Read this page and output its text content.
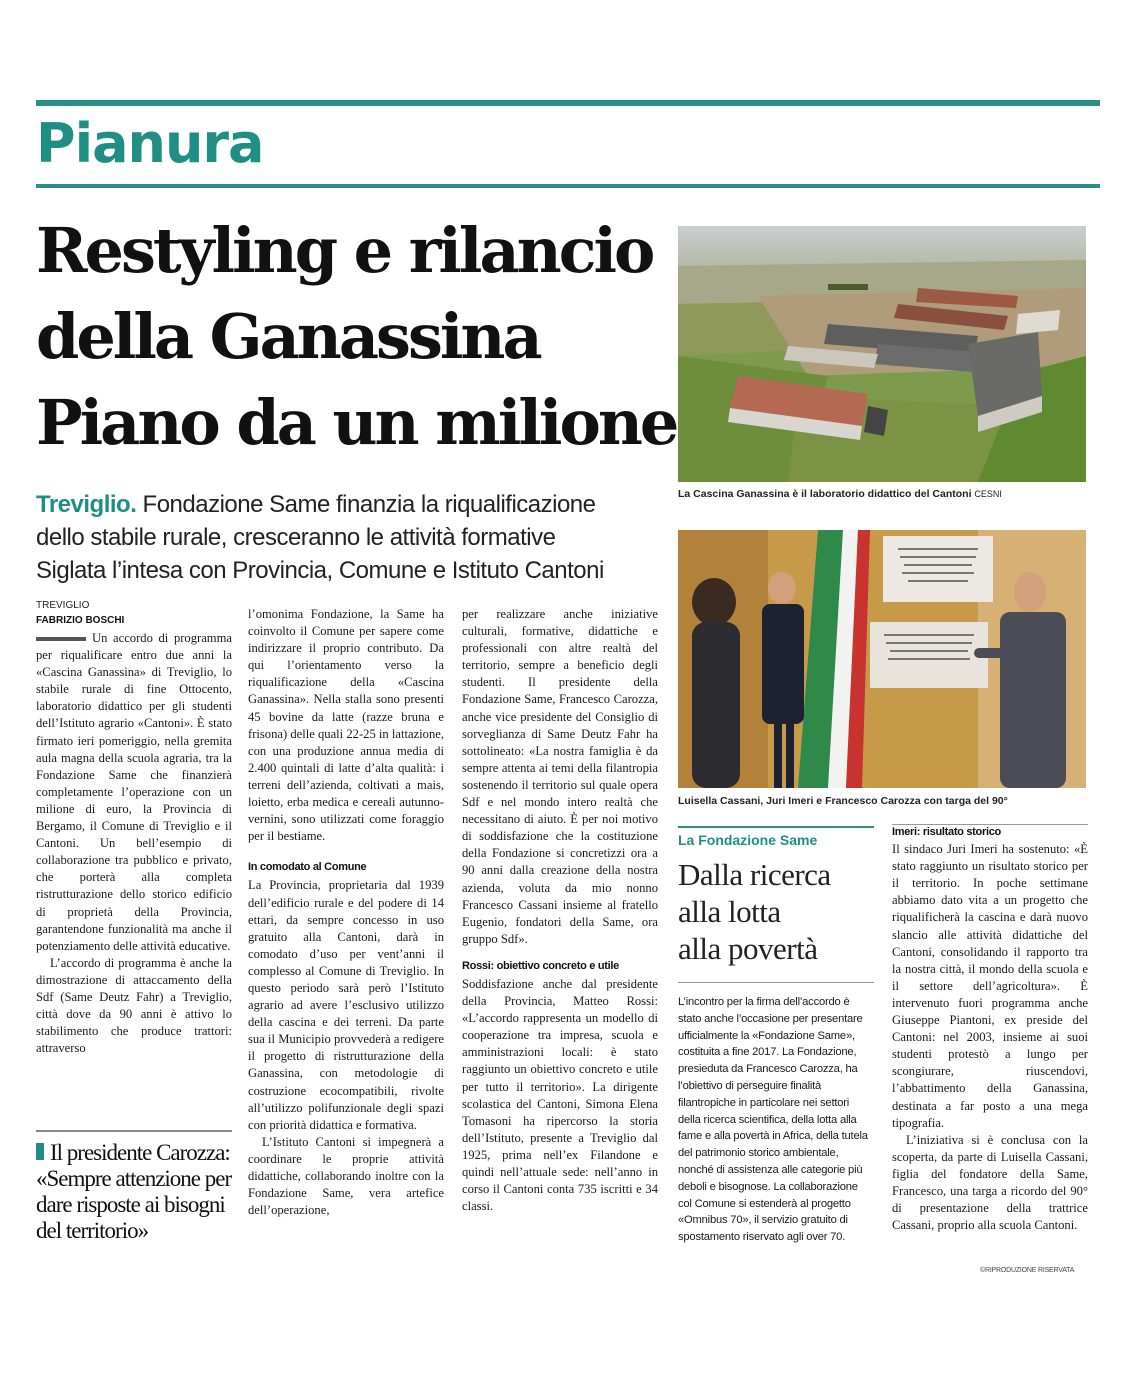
Pianura
Restyling e rilancio
della Ganassina
Piano da un milione
Treviglio. Fondazione Same finanzia la riqualificazione
dello stabile rurale, cresceranno le attività formative
Siglata l’intesa con Provincia, Comune e Istituto Cantoni
La Cascina Ganassina è il laboratorio didattico del Cantoni CESNI
Luisella Cassani, Juri Imeri e Francesco Carozza con targa del 90°
TREVIGLIO
FABRIZIO BOSCHI

Un accordo di programma per riqualificare entro due anni la «Cascina Ganassina» di Treviglio, lo stabile rurale di fine Ottocento, laboratorio didattico per gli studenti dell’Istituto agrario «Cantoni». È stato firmato ieri pomeriggio, nella gremita aula magna della scuola agraria, tra la Fondazione Same che finanzierà completamente l’operazione con un milione di euro, la Provincia di Bergamo, il Comune di Treviglio e il Cantoni. Un bell’esempio di collaborazione tra pubblico e privato, che porterà alla completa ristrutturazione dello storico edificio di proprietà della Provincia, garantendone funzionalità ma anche il potenziamento delle attività educative.

L’accordo di programma è anche la dimostrazione di attaccamento della Sdf (Same Deutz Fahr) a Treviglio, città dove da 90 anni è attivo lo stabilimento che produce trattori: attraverso

Il presidente Carozza: «Sempre attenzione per dare risposte ai bisogni del territorio»

l’omonima Fondazione, la Same ha coinvolto il Comune per sapere come indirizzare il proprio contributo. Da qui l’orientamento verso la riqualificazione della «Cascina Ganassina». Nella stalla sono presenti 45 bovine da latte (razze bruna e frisona) delle quali 22-25 in lattazione, con una produzione annua media di 2.400 quintali di latte d’alta qualità: i terreni dell’azienda, coltivati a mais, loietto, erba medica e cereali autunno-vernini, sono utilizzati come foraggio per il bestiame.

In comodato al Comune

La Provincia, proprietaria dal 1939 dell’edificio rurale e del podere di 14 ettari, da sempre concesso in uso gratuito alla Cantoni, darà in comodato d’uso per vent’anni il complesso al Comune di Treviglio. In questo periodo sarà però l’Istituto agrario ad avere l’esclusivo utilizzo della cascina e dei terreni. Da parte sua il Municipio provvederà a redigere il progetto di ristrutturazione della Ganassina, con metodologie di costruzione ecocompatibili, rivolte all’utilizzo polifunzionale degli spazi con priorità didattica e formativa.

L’Istituto Cantoni si impegnerà a coordinare le proprie attività didattiche, collaborando inoltre con la Fondazione Same, vera artefice dell’operazione,

per realizzare anche iniziative culturali, formative, didattiche e professionali con altre realtà del territorio, sempre a beneficio degli studenti. Il presidente della Fondazione Same, Francesco Carozza, anche vice presidente del Consiglio di sorveglianza di Same Deutz Fahr ha sottolineato: «La nostra famiglia è da sempre attenta ai temi della filantropia sostenendo il territorio sul quale opera Sdf e nel mondo intero realtà che necessitano di aiuto. È per noi motivo di soddisfazione che la costituzione della Fondazione si concretizzi ora a 90 anni dalla creazione della nostra azienda, voluta da mio nonno Francesco Cassani insieme al fratello Eugenio, fondatori della Same, ora gruppo Sdf».

Rossi: obiettivo concreto e utile

Soddisfazione anche dal presidente della Provincia, Matteo Rossi: «L’accordo rappresenta un modello di cooperazione tra impresa, scuola e amministrazioni locali: è stato raggiunto un obiettivo concreto e utile per tutto il territorio». La dirigente scolastica del Cantoni, Simona Elena Tomasoni ha ripercorso la storia dell’Istituto, presente a Treviglio dal 1925, prima nell’ex Filandone e quindi nell’attuale sede: nell’anno in corso il Cantoni conta 735 iscritti e 34 classi.

La Fondazione Same
Dalla ricerca
alla lotta
alla povertà

L’incontro per la firma dell’accordo è stato anche l’occasione per presentare ufficialmente la «Fondazione Same», costituita a fine 2017. La Fondazione, presieduta da Francesco Carozza, ha l’obiettivo di perseguire finalità filantropiche in particolare nei settori della ricerca scientifica, della lotta alla fame e alla povertà in Africa, della tutela del patrimonio storico ambientale, nonché di assistenza alle categorie più deboli e bisognose. La collaborazione col Comune si estenderà al progetto «Omnibus 70», il servizio gratuito di spostamento riservato agli over 70.

Imeri: risultato storico

Il sindaco Juri Imeri ha sostenuto: «È stato raggiunto un risultato storico per il territorio. In poche settimane abbiamo dato vita a un progetto che riqualificherà la cascina e darà nuovo slancio alle attività didattiche del Cantoni, consolidando il rapporto tra la nostra città, il mondo della scuola e il settore dell’agricoltura». È intervenuto fuori programma anche Giuseppe Piantoni, ex preside del Cantoni: nel 2003, insieme ai suoi studenti protestò a lungo per scongiurare, riuscendovi, l’abbattimento della Ganassina, destinata a far posto a una mega tipografia.

L’iniziativa si è conclusa con la scoperta, da parte di Luisella Cassani, figlia del fondatore della Same, Francesco, una targa a ricordo del 90° di presentazione della trattrice Cassani, proprio alla scuola Cantoni.

©RIPRODUZIONE RISERVATA
